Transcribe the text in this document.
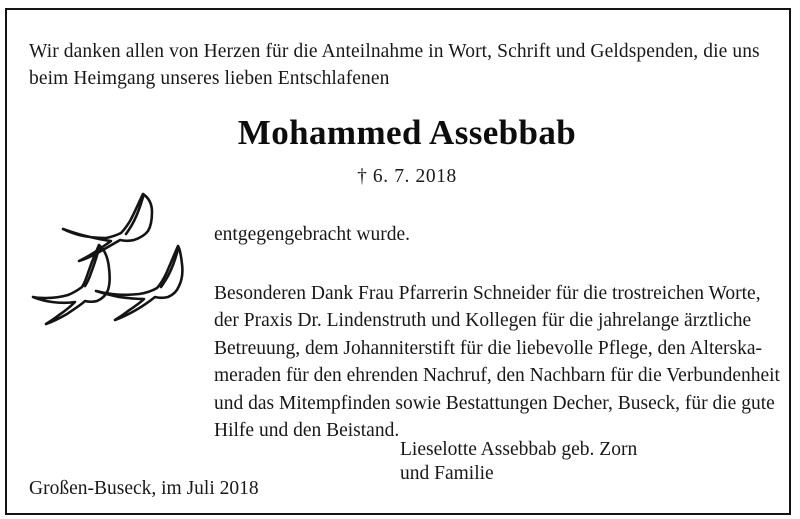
Wir danken allen von Herzen für die Anteilnahme in Wort, Schrift und Geldspenden, die uns
beim Heimgang unseres lieben Entschlafenen
Mohammed Assebbab
† 6. 7. 2018
entgegengebracht wurde.
Besonderen Dank Frau Pfarrerin Schneider für die trostreichen Worte,
der Praxis Dr. Lindenstruth und Kollegen für die jahrelange ärztliche
Betreuung, dem Johanniterstift für die liebevolle Pflege, den Alterska-
meraden für den ehrenden Nachruf, den Nachbarn für die Verbundenheit
und das Mitempfinden sowie Bestattungen Decher, Buseck, für die gute
Hilfe und den Beistand.
Lieselotte Assebbab geb. Zorn
und Familie
Großen-Buseck, im Juli 2018
